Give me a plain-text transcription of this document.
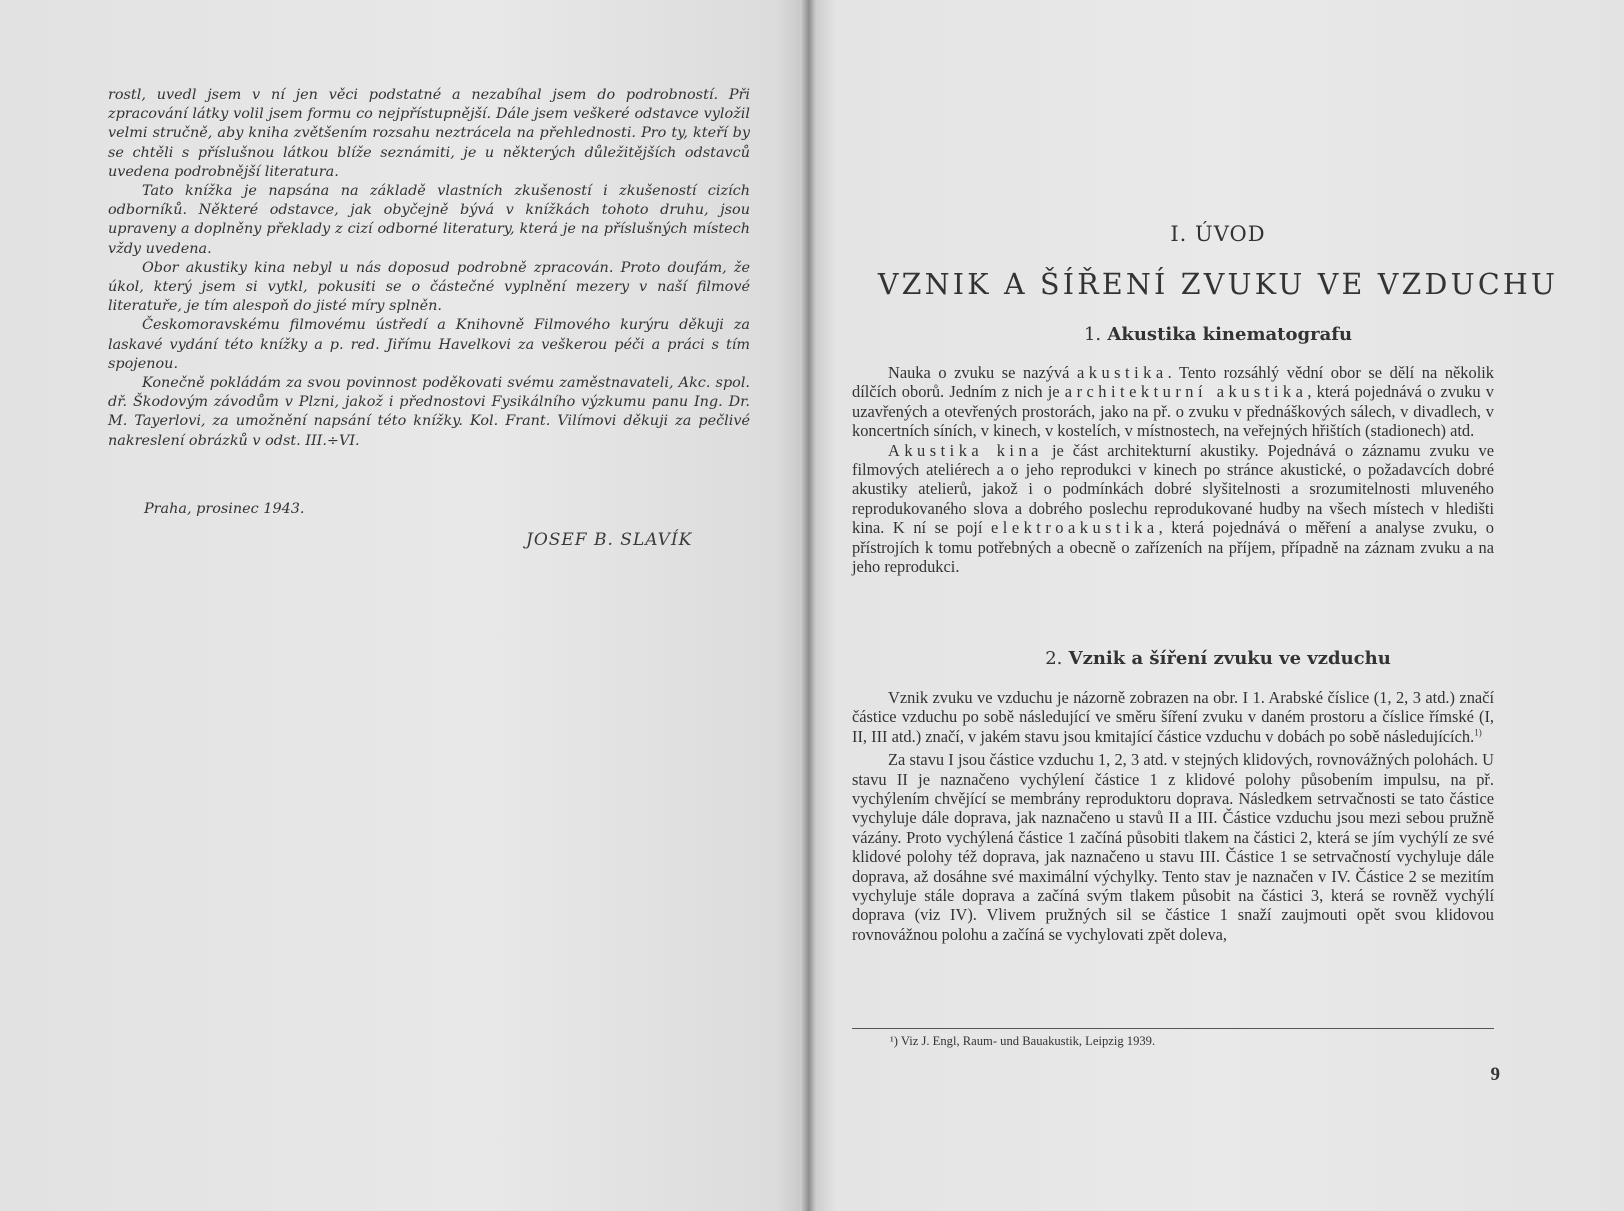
rostl, uvedl jsem v ní jen věci podstatné a nezabíhal jsem do podrobností. Při zpracování látky volil jsem formu co nejpřístupnější. Dále jsem veškeré odstavce vyložil velmi stručně, aby kniha zvětšením rozsahu neztrácela na přehlednosti. Pro ty, kteří by se chtěli s příslušnou látkou blíže seznámiti, je u některých důležitějších odstavců uvedena podrobnější literatura.

Tato knížka je napsána na základě vlastních zkušeností i zkušeností cizích odborníků. Některé odstavce, jak obyčejně bývá v knížkách tohoto druhu, jsou upraveny a doplněny překlady z cizí odborné literatury, která je na příslušných místech vždy uvedena.

Obor akustiky kina nebyl u nás doposud podrobně zpracován. Proto doufám, že úkol, který jsem si vytkl, pokusiti se o částečné vyplnění mezery v naší filmové literatuře, je tím alespoň do jisté míry splněn.

Českomoravskému filmovému ústředí a Knihovně Filmového kurýru děkuji za laskavé vydání této knížky a p. red. Jiřímu Havelkovi za veškerou péči a práci s tím spojenou.

Konečně pokládám za svou povinnost poděkovati svému zaměstnavateli, Akc. spol. dř. Škodovým závodům v Plzni, jakož i přednostovi Fysikálního výzkumu panu Ing. Dr. M. Tayerlovi, za umožnění napsání této knížky. Kol. Frant. Vilímovi děkuji za pečlivé nakreslení obrázků v odst. III.÷VI.

Praha, prosinec 1943.
JOSEF B. SLAVÍK
I. ÚVOD
VZNIK A ŠÍŘENÍ ZVUKU VE VZDUCHU
1. Akustika kinematografu

Nauka o zvuku se nazývá akustika. Tento rozsáhlý vědní obor se dělí na několik dílčích oborů. Jedním z nich je architekturní akustika, která pojednává o zvuku v uzavřených a otevřených prostorách, jako na př. o zvuku v přednáškových sálech, v divadlech, v koncertních síních, v kinech, v kostelích, v místnostech, na veřejných hřištích (stadionech) atd.

Akustika kina je část architekturní akustiky. Pojednává o záznamu zvuku ve filmových ateliérech a o jeho reprodukci v kinech po stránce akustické, o požadavcích dobré akustiky atelierů, jakož i o podmínkách dobré slyšitelnosti a srozumitelnosti mluveného reprodukovaného slova a dobrého poslechu reprodukované hudby na všech místech v hledišti kina. K ní se pojí elektroakustika, která pojednává o měření a analyse zvuku, o přístrojích k tomu potřebných a obecně o zařízeních na příjem, případně na záznam zvuku a na jeho reprodukci.

2. Vznik a šíření zvuku ve vzduchu

Vznik zvuku ve vzduchu je názorně zobrazen na obr. I 1. Arabské číslice (1, 2, 3 atd.) značí částice vzduchu po sobě následující ve směru šíření zvuku v daném prostoru a číslice římské (I, II, III atd.) značí, v jakém stavu jsou kmitající částice vzduchu v dobách po sobě následujících.$^{1)}$

Za stavu I jsou částice vzduchu 1, 2, 3 atd. v stejných klidových, rovnovážných polohách. U stavu II je naznačeno vychýlení částice 1 z klidové polohy působením impulsu, na př. vychýlením chvějící se membrány reproduktoru doprava. Následkem setrvačnosti se tato částice vychyluje dále doprava, jak naznačeno u stavů II a III. Částice vzduchu jsou mezi sebou pružně vázány. Proto vychýlená částice 1 začíná působiti tlakem na částici 2, která se jím vychýlí ze své klidové polohy též doprava, jak naznačeno u stavu III. Částice 1 se setrvačností vychyluje dále doprava, až dosáhne své maximální výchylky. Tento stav je naznačen v IV. Částice 2 se mezitím vychyluje stále doprava a začíná svým tlakem působit na částici 3, která se rovněž vychýlí doprava (viz IV). Vlivem pružných sil se částice 1 snaží zaujmouti opět svou klidovou rovnovážnou polohu a začíná se vychylovati zpět doleva,

¹) Viz J. Engl, Raum- und Bauakustik, Leipzig 1939.
9
